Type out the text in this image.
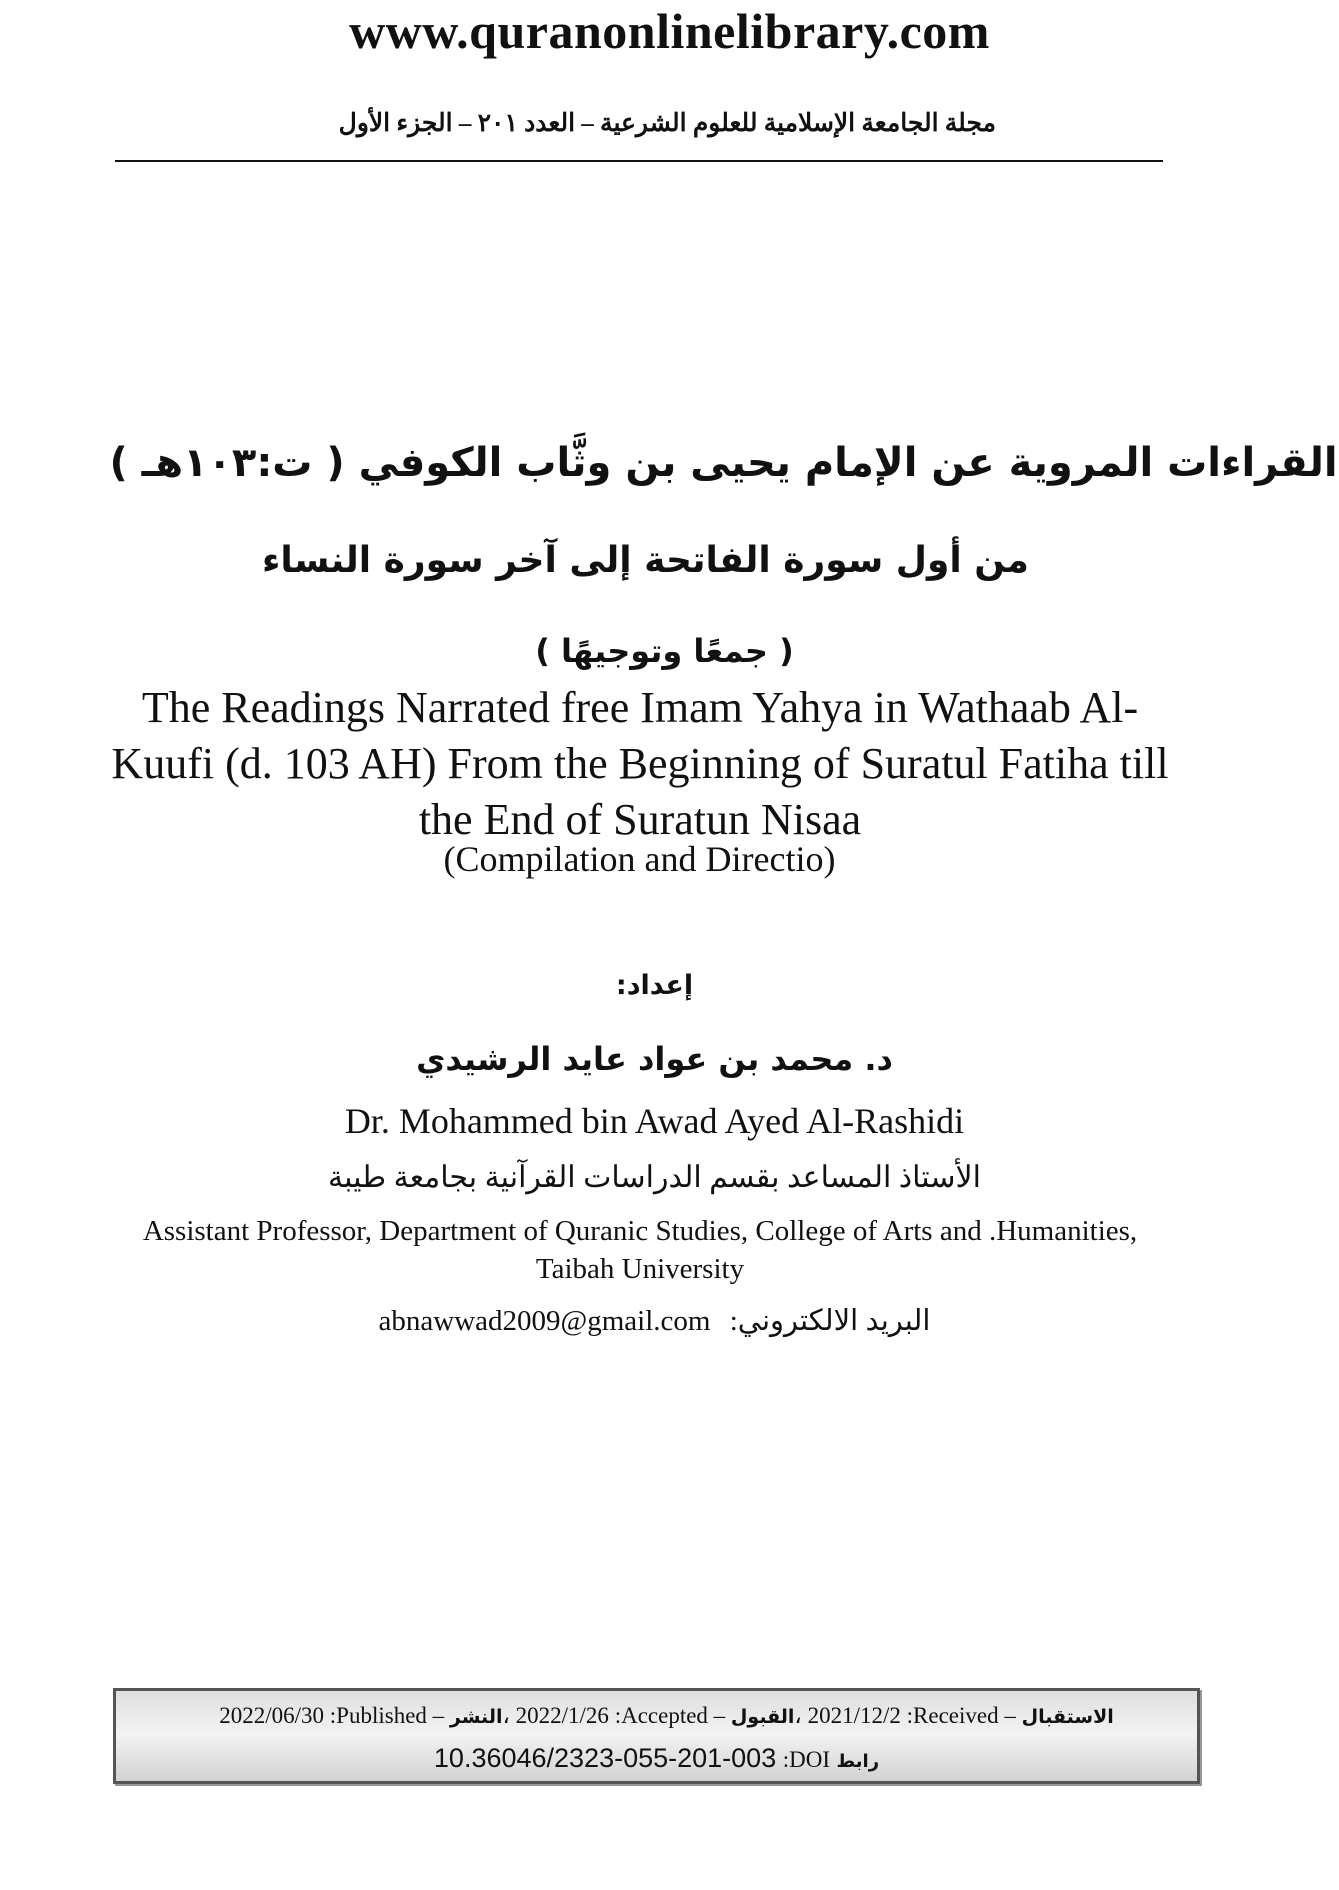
www.quranonlinelibrary.com
مجلة الجامعة الإسلامية للعلوم الشرعية – العدد ٢٠١ – الجزء الأول
القراءات المروية عن الإمام يحيى بن وثَّاب الكوفي ( ت:١٠٣هـ )
من أول سورة الفاتحة إلى آخر سورة النساء
( جمعًا وتوجيهًا )
The Readings Narrated free Imam Yahya in Wathaab Al-Kuufi (d. 103 AH) From the Beginning of Suratul Fatiha till the End of Suratun Nisaa
(Compilation and Directio)
إعداد:
د. محمد بن عواد عايد الرشيدي
Dr. Mohammed bin Awad Ayed Al-Rashidi
الأستاذ المساعد بقسم الدراسات القرآنية بجامعة طيبة
Assistant Professor, Department of Quranic Studies, College of Arts and .Humanities, Taibah University
abnawwad2009@gmail.com البريد الالكتروني:
2022/06/30 :Published – النشر، 2022/1/26 :Accepted – القبول، 2021/12/2 :Received – الاستقبال
10.36046/2323-055-201-003 :DOI رابط
